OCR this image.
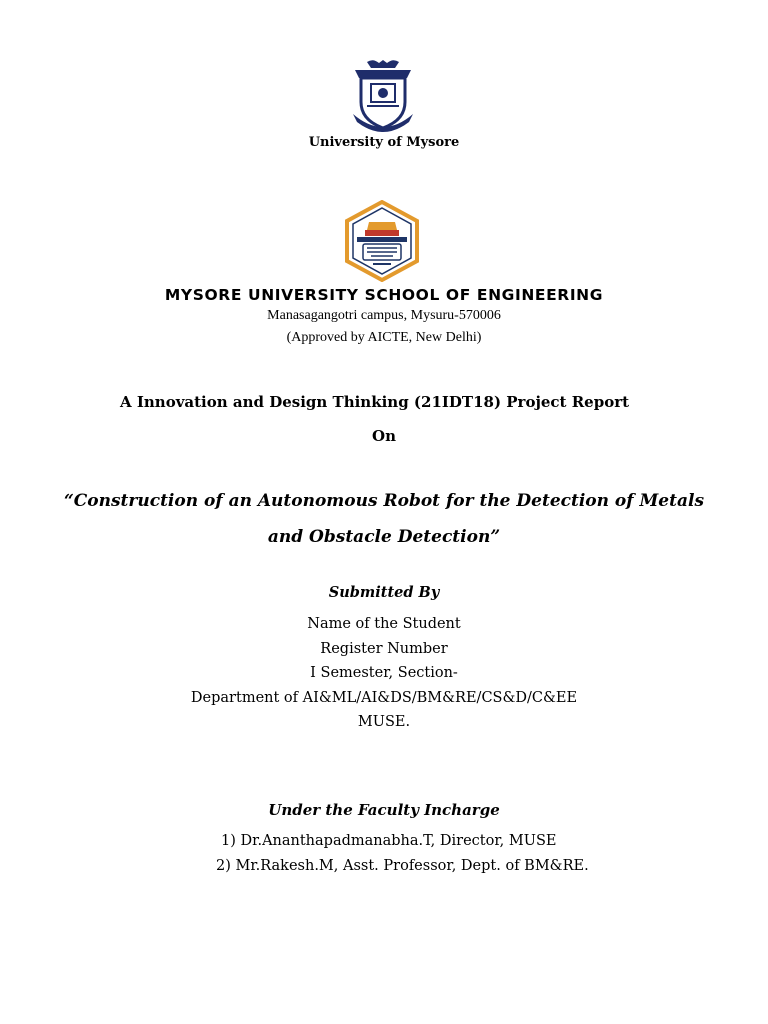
University of Mysore
MYSORE UNIVERSITY SCHOOL OF ENGINEERING
Manasagangotri campus, Mysuru-570006
(Approved by AICTE, New Delhi)
A Innovation and Design Thinking (21IDT18) Project Report
On
“Construction of an Autonomous Robot for the Detection of Metals
and Obstacle Detection”
Submitted By
Name of the Student
Register Number
I Semester, Section-
Department of AI&ML/AI&DS/BM&RE/CS&D/C&EE
MUSE.
Under the Faculty Incharge
1) Dr.Ananthapadmanabha.T, Director, MUSE
2) Mr.Rakesh.M, Asst. Professor, Dept. of BM&RE.
